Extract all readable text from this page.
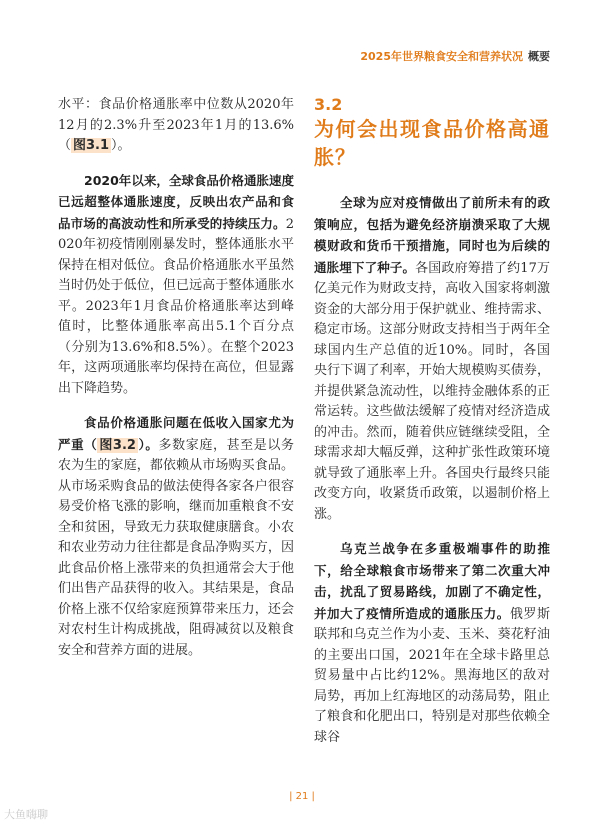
2025年世界粮食安全和营养状况 概要

水平：食品价格通胀率中位数从2020年12月的2.3%升至2023年1月的13.6%（ 图3.1 ）。

2020年以来，全球食品价格通胀速度已远超整体通胀速度，反映出农产品和食品市场的高波动性和所承受的持续压力。2020年初疫情刚刚暴发时，整体通胀水平保持在相对低位。食品价格通胀水平虽然当时仍处于低位，但已远高于整体通胀水平。2023年1月食品价格通胀率达到峰值时，比整体通胀率高出5.1个百分点（分别为13.6%和8.5%）。在整个2023年，这两项通胀率均保持在高位，但显露出下降趋势。

食品价格通胀问题在低收入国家尤为严重（ 图3.2 ）。多数家庭，甚至是以务农为生的家庭，都依赖从市场购买食品。从市场采购食品的做法使得各家各户很容易受价格飞涨的影响，继而加重粮食不安全和贫困，导致无力获取健康膳食。小农和农业劳动力往往都是食品净购买方，因此食品价格上涨带来的负担通常会大于他们出售产品获得的收入。其结果是，食品价格上涨不仅给家庭预算带来压力，还会对农村生计构成挑战，阻碍减贫以及粮食安全和营养方面的进展。

3.2
为何会出现食品价格高通胀？

全球为应对疫情做出了前所未有的政策响应，包括为避免经济崩溃采取了大规模财政和货币干预措施，同时也为后续的通胀埋下了种子。各国政府筹措了约17万亿美元作为财政支持，高收入国家将刺激资金的大部分用于保护就业、维持需求、稳定市场。这部分财政支持相当于两年全球国内生产总值的近10%。同时，各国央行下调了利率，开始大规模购买债券，并提供紧急流动性，以维持金融体系的正常运转。这些做法缓解了疫情对经济造成的冲击。然而，随着供应链继续受阻，全球需求却大幅反弹，这种扩张性政策环境就导致了通胀率上升。各国央行最终只能改变方向，收紧货币政策，以遏制价格上涨。

乌克兰战争在多重极端事件的助推下，给全球粮食市场带来了第二次重大冲击，扰乱了贸易路线，加剧了不确定性，并加大了疫情所造成的通胀压力。俄罗斯联邦和乌克兰作为小麦、玉米、葵花籽油的主要出口国，2021年在全球卡路里总贸易量中占比约12%。黑海地区的敌对局势，再加上红海地区的动荡局势，阻止了粮食和化肥出口，特别是对那些依赖全球谷

| 21 |
大鱼嗨聊
